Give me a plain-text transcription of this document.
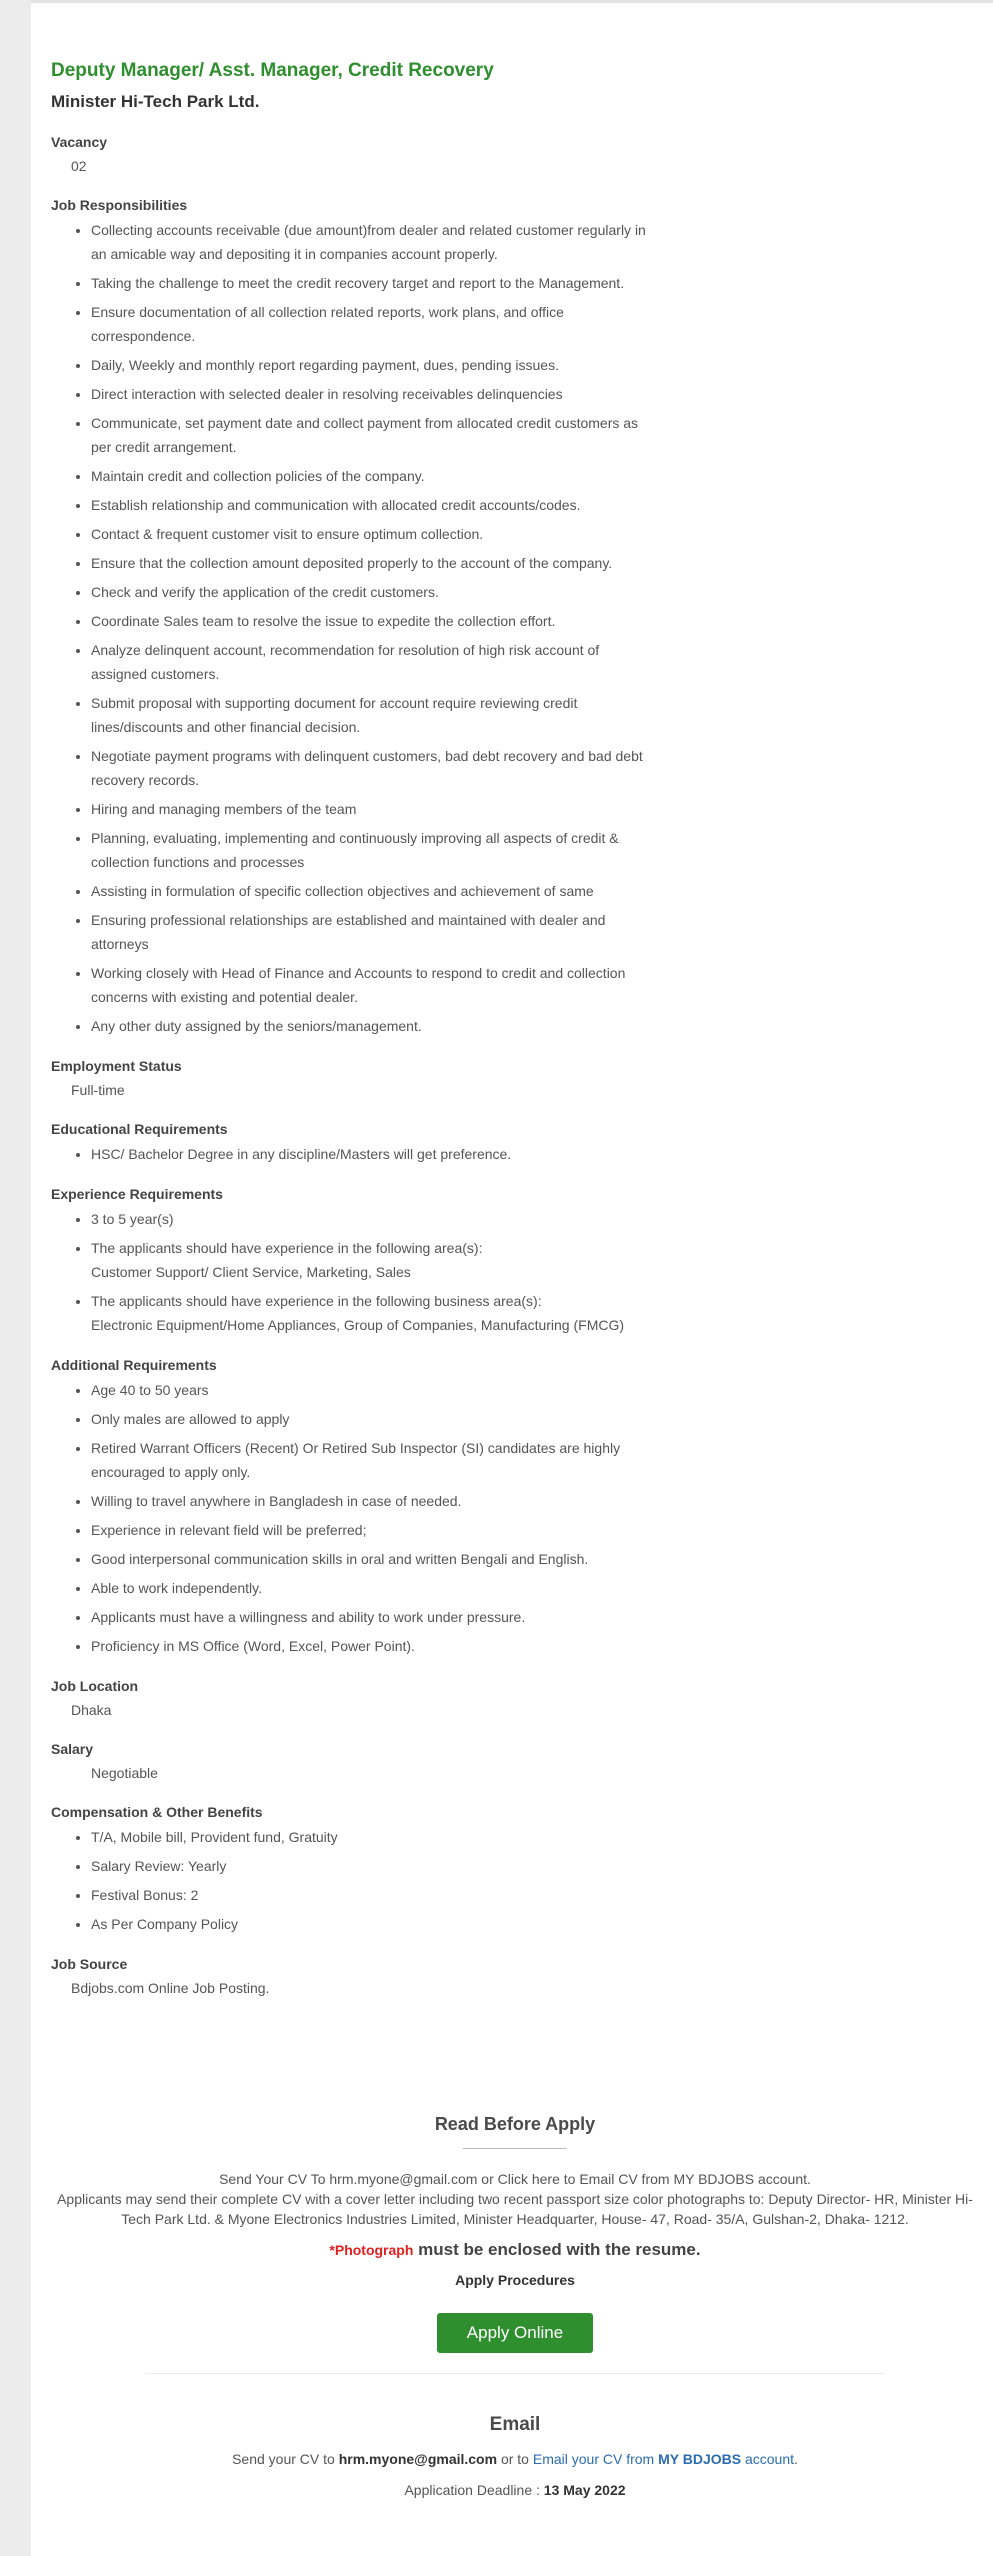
Deputy Manager/ Asst. Manager, Credit Recovery
Minister Hi-Tech Park Ltd.
Vacancy

02

Job Responsibilities
• Collecting accounts receivable (due amount)from dealer and related customer regularly in an amicable way and depositing it in companies account properly.
• Taking the challenge to meet the credit recovery target and report to the Management.
• Ensure documentation of all collection related reports, work plans, and office correspondence.
• Daily, Weekly and monthly report regarding payment, dues, pending issues.
• Direct interaction with selected dealer in resolving receivables delinquencies
• Communicate, set payment date and collect payment from allocated credit customers as per credit arrangement.
• Maintain credit and collection policies of the company.
• Establish relationship and communication with allocated credit accounts/codes.
• Contact & frequent customer visit to ensure optimum collection.
• Ensure that the collection amount deposited properly to the account of the company.
• Check and verify the application of the credit customers.
• Coordinate Sales team to resolve the issue to expedite the collection effort.
• Analyze delinquent account, recommendation for resolution of high risk account of assigned customers.
• Submit proposal with supporting document for account require reviewing credit lines/discounts and other financial decision.
• Negotiate payment programs with delinquent customers, bad debt recovery and bad debt recovery records.
• Hiring and managing members of the team
• Planning, evaluating, implementing and continuously improving all aspects of credit & collection functions and processes
• Assisting in formulation of specific collection objectives and achievement of same
• Ensuring professional relationships are established and maintained with dealer and attorneys
• Working closely with Head of Finance and Accounts to respond to credit and collection concerns with existing and potential dealer.
• Any other duty assigned by the seniors/management.
Employment Status

Full-time

Educational Requirements
• HSC/ Bachelor Degree in any discipline/Masters will get preference.
Experience Requirements
• 3 to 5 year(s)
• The applicants should have experience in the following area(s):
Customer Support/ Client Service, Marketing, Sales
• The applicants should have experience in the following business area(s):
Electronic Equipment/Home Appliances, Group of Companies, Manufacturing (FMCG)
Additional Requirements
• Age 40 to 50 years
• Only males are allowed to apply
• Retired Warrant Officers (Recent) Or Retired Sub Inspector (SI) candidates are highly encouraged to apply only.
• Willing to travel anywhere in Bangladesh in case of needed.
• Experience in relevant field will be preferred;
• Good interpersonal communication skills in oral and written Bengali and English.
• Able to work independently.
• Applicants must have a willingness and ability to work under pressure.
• Proficiency in MS Office (Word, Excel, Power Point).
Job Location

Dhaka

Salary

Negotiable

Compensation & Other Benefits
• T/A, Mobile bill, Provident fund, Gratuity
• Salary Review: Yearly
• Festival Bonus: 2
• As Per Company Policy
Job Source

Bdjobs.com Online Job Posting.

Read Before Apply

Send Your CV To hrm.myone@gmail.com or Click here to Email CV from MY BDJOBS account.
Applicants may send their complete CV with a cover letter including two recent passport size color photographs to: Deputy Director- HR, Minister Hi-Tech Park Ltd. & Myone Electronics Industries Limited, Minister Headquarter, House- 47, Road- 35/A, Gulshan-2, Dhaka- 1212.
*Photograph must be enclosed with the resume.
Apply Procedures
Apply Online
Email
Send your CV to hrm.myone@gmail.com or to Email your CV from MY BDJOBS account.
Application Deadline : 13 May 2022
